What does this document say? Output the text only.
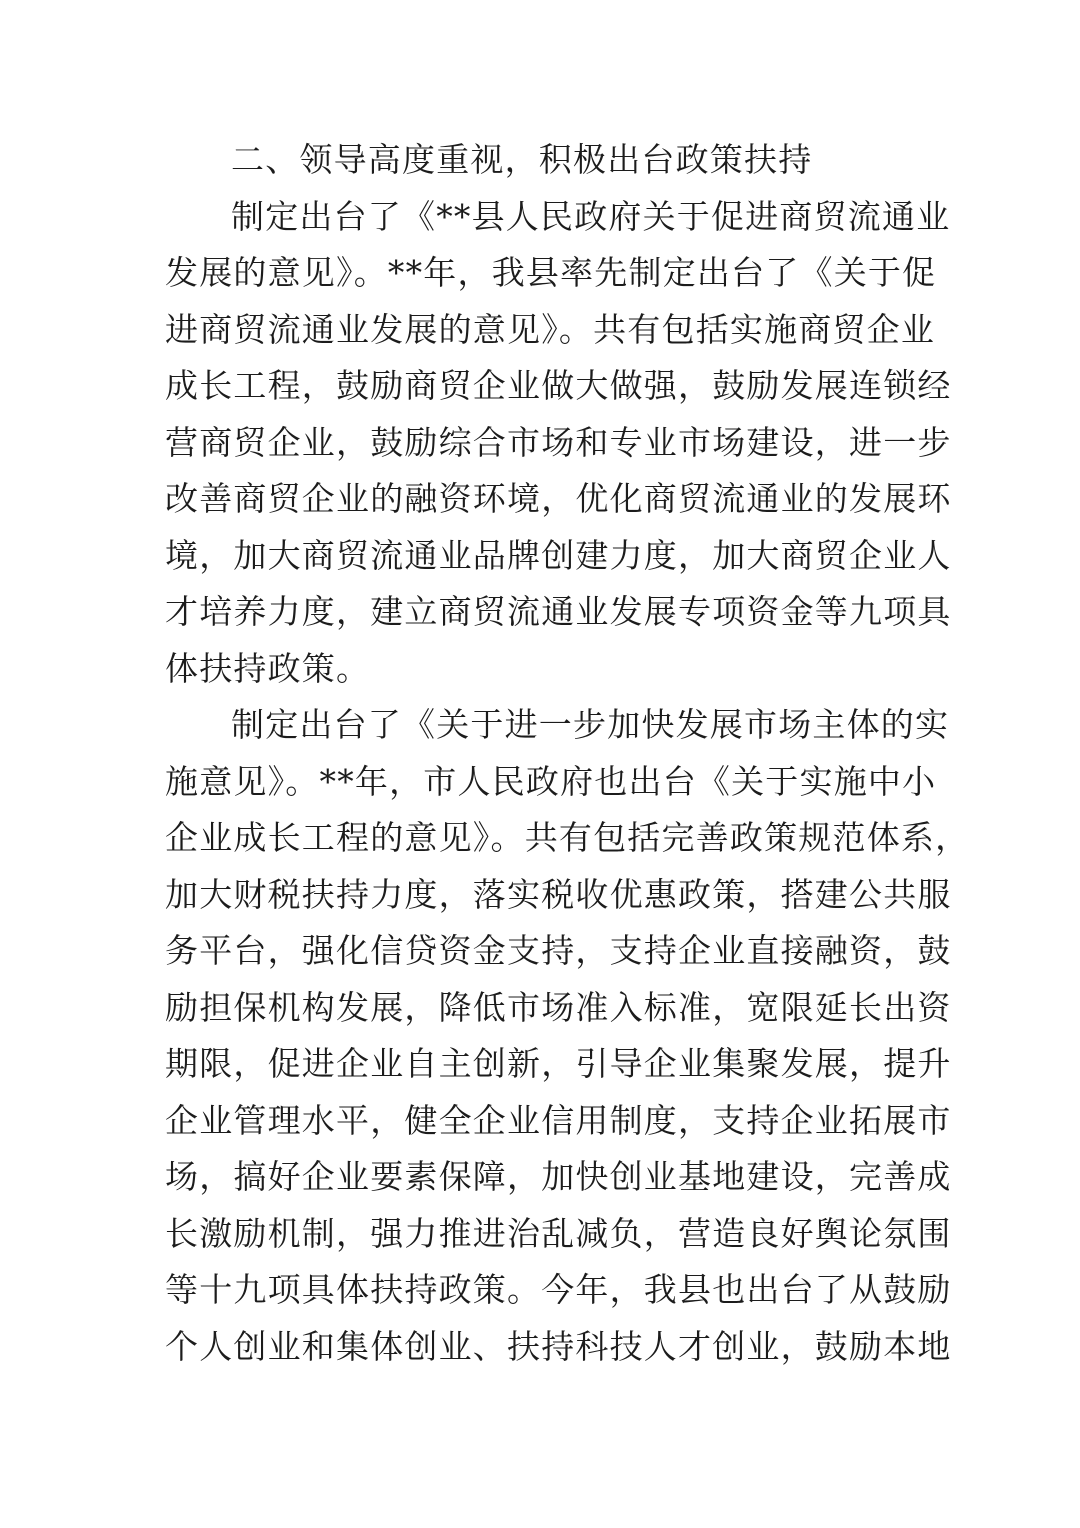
二、领导高度重视，积极出台政策扶持
制定出台了《**县人民政府关于促进商贸流通业
发展的意见》。**年，我县率先制定出台了《关于促
进商贸流通业发展的意见》。共有包括实施商贸企业
成长工程，鼓励商贸企业做大做强，鼓励发展连锁经
营商贸企业，鼓励综合市场和专业市场建设，进一步
改善商贸企业的融资环境，优化商贸流通业的发展环
境，加大商贸流通业品牌创建力度，加大商贸企业人
才培养力度，建立商贸流通业发展专项资金等九项具
体扶持政策。
制定出台了《关于进一步加快发展市场主体的实
施意见》。**年，市人民政府也出台《关于实施中小
企业成长工程的意见》。共有包括完善政策规范体系，
加大财税扶持力度，落实税收优惠政策，搭建公共服
务平台，强化信贷资金支持，支持企业直接融资，鼓
励担保机构发展，降低市场准入标准，宽限延长出资
期限，促进企业自主创新，引导企业集聚发展，提升
企业管理水平，健全企业信用制度，支持企业拓展市
场，搞好企业要素保障，加快创业基地建设，完善成
长激励机制，强力推进治乱减负，营造良好舆论氛围
等十九项具体扶持政策。今年，我县也出台了从鼓励
个人创业和集体创业、扶持科技人才创业，鼓励本地
